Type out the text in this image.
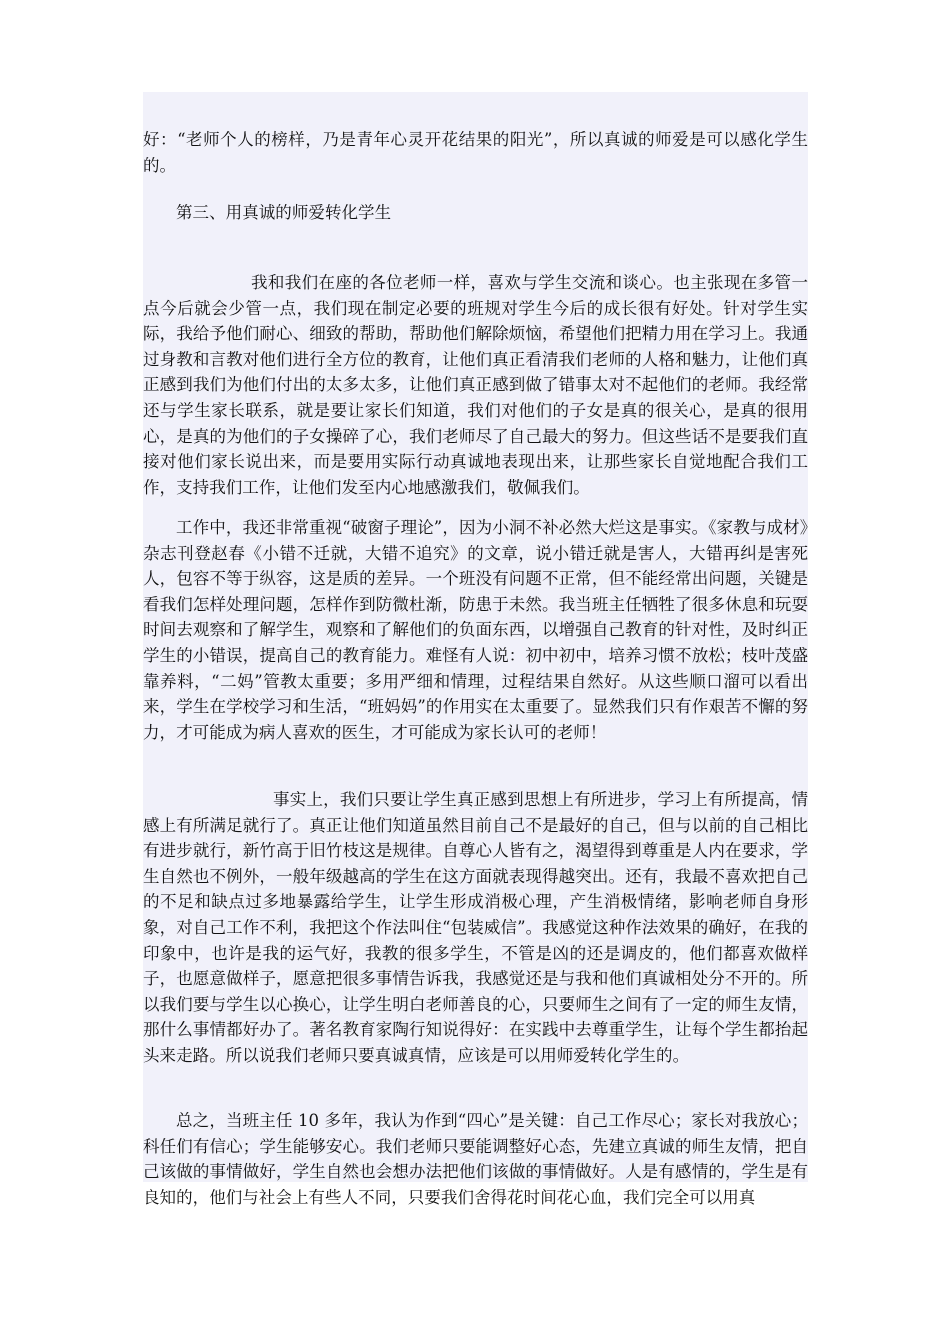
好：“老师个人的榜样，乃是青年心灵开花结果的阳光”，所以真诚的师爱是可以感化学生的。

第三、用真诚的师爱转化学生

我和我们在座的各位老师一样，喜欢与学生交流和谈心。也主张现在多管一点今后就会少管一点，我们现在制定必要的班规对学生今后的成长很有好处。针对学生实际，我给予他们耐心、细致的帮助，帮助他们解除烦恼，希望他们把精力用在学习上。我通过身教和言教对他们进行全方位的教育，让他们真正看清我们老师的人格和魅力，让他们真正感到我们为他们付出的太多太多，让他们真正感到做了错事太对不起他们的老师。我经常还与学生家长联系，就是要让家长们知道，我们对他们的子女是真的很关心，是真的很用心，是真的为他们的子女操碎了心，我们老师尽了自己最大的努力。但这些话不是要我们直接对他们家长说出来，而是要用实际行动真诚地表现出来，让那些家长自觉地配合我们工作，支持我们工作，让他们发至内心地感激我们，敬佩我们。

工作中，我还非常重视“破窗子理论”，因为小洞不补必然大烂这是事实。《家教与成材》杂志刊登赵春《小错不迁就，大错不追究》的文章，说小错迁就是害人，大错再纠是害死人，包容不等于纵容，这是质的差异。一个班没有问题不正常，但不能经常出问题，关键是看我们怎样处理问题，怎样作到防微杜渐，防患于未然。我当班主任牺牲了很多休息和玩耍时间去观察和了解学生，观察和了解他们的负面东西，以增强自己教育的针对性，及时纠正学生的小错误，提高自己的教育能力。难怪有人说：初中初中，培养习惯不放松；枝叶茂盛靠养料，“二妈”管教太重要；多用严细和情理，过程结果自然好。从这些顺口溜可以看出来，学生在学校学习和生活，“班妈妈”的作用实在太重要了。显然我们只有作艰苦不懈的努力，才可能成为病人喜欢的医生，才可能成为家长认可的老师！

事实上，我们只要让学生真正感到思想上有所进步，学习上有所提高，情感上有所满足就行了。真正让他们知道虽然目前自己不是最好的自己，但与以前的自己相比有进步就行，新竹高于旧竹枝这是规律。自尊心人皆有之，渴望得到尊重是人内在要求，学生自然也不例外，一般年级越高的学生在这方面就表现得越突出。还有，我最不喜欢把自己的不足和缺点过多地暴露给学生，让学生形成消极心理，产生消极情绪，影响老师自身形象，对自己工作不利，我把这个作法叫住“包装威信”。我感觉这种作法效果的确好，在我的印象中，也许是我的运气好，我教的很多学生，不管是凶的还是调皮的，他们都喜欢做样子，也愿意做样子，愿意把很多事情告诉我，我感觉还是与我和他们真诚相处分不开的。所以我们要与学生以心换心，让学生明白老师善良的心，只要师生之间有了一定的师生友情，那什么事情都好办了。著名教育家陶行知说得好：在实践中去尊重学生，让每个学生都抬起头来走路。所以说我们老师只要真诚真情，应该是可以用师爱转化学生的。

总之，当班主任 10 多年，我认为作到“四心”是关键：自己工作尽心；家长对我放心；科任们有信心；学生能够安心。我们老师只要能调整好心态，先建立真诚的师生友情，把自己该做的事情做好，学生自然也会想办法把他们该做的事情做好。人是有感情的，学生是有良知的，他们与社会上有些人不同，只要我们舍得花时间花心血，我们完全可以用真
